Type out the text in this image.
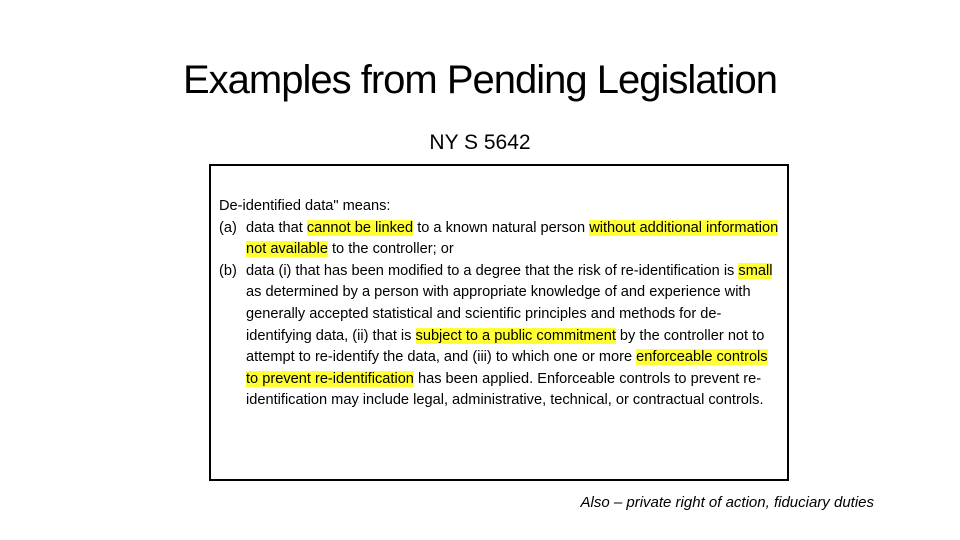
Examples from Pending Legislation
NY S 5642

De-identified data" means:

(a) data that cannot be linked to a known natural person without additional information not available to the controller; or
(b) data (i) that has been modified to a degree that the risk of re-identification is small as determined by a person with appropriate knowledge of and experience with generally accepted statistical and scientific principles and methods for de-identifying data, (ii) that is subject to a public commitment by the controller not to attempt to re-identify the data, and (iii) to which one or more enforceable controls to prevent re-identification has been applied. Enforceable controls to prevent re-identification may include legal, administrative, technical, or contractual controls.
Also – private right of action, fiduciary duties
